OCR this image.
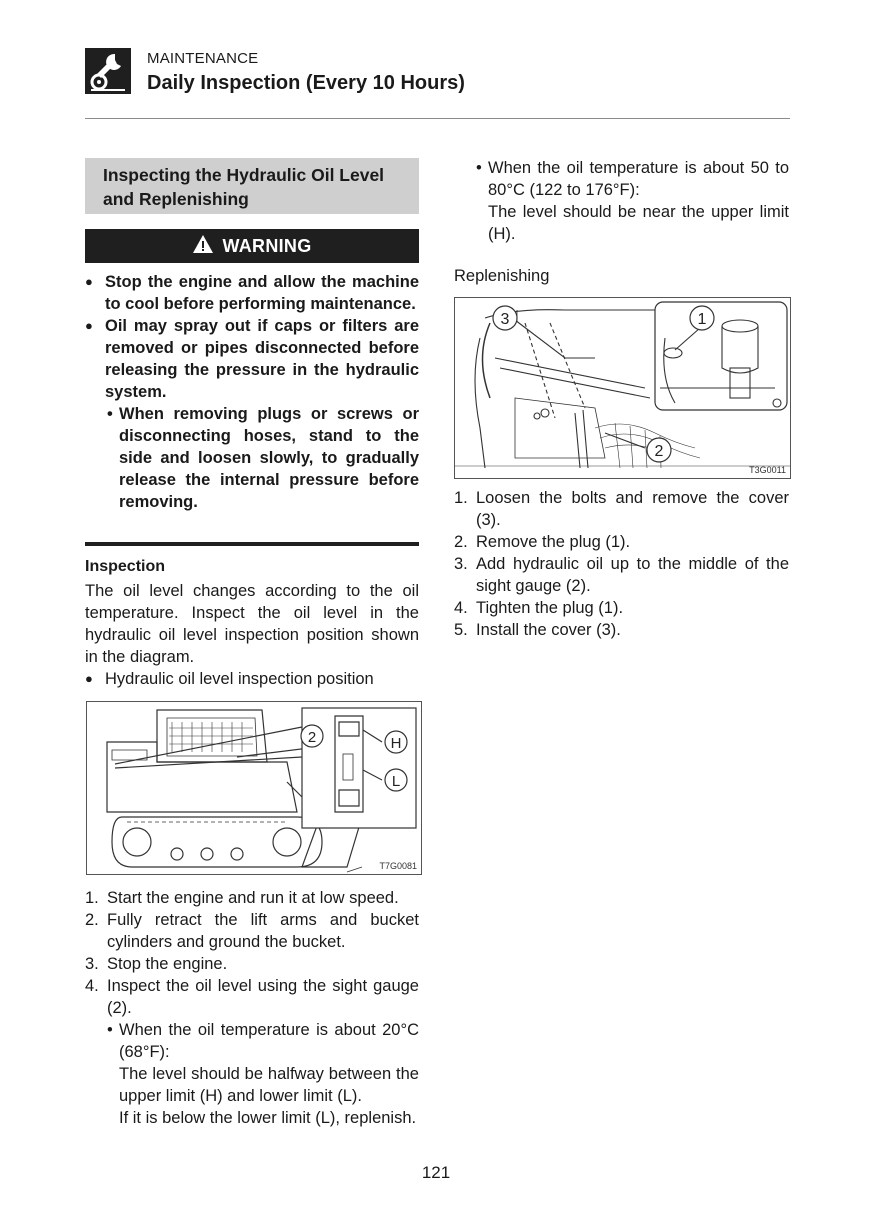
MAINTENANCE
Daily Inspection (Every 10 Hours)
Inspecting the Hydraulic Oil Level and Replenishing
WARNING
● Stop the engine and allow the machine to cool before performing maintenance.
● Oil may spray out if caps or filters are removed or pipes disconnected before releasing the pressure in the hydraulic system.
• When removing plugs or screws or disconnecting hoses, stand to the side and loosen slowly, to gradually release the internal pressure before removing.
Inspection

The oil level changes according to the oil temperature. Inspect the oil level in the hydraulic oil level inspection position shown in the diagram.

● Hydraulic oil level inspection position
2	H
L
T7G0081
1. Start the engine and run it at low speed.
2. Fully retract the lift arms and bucket cylinders and ground the bucket.
3. Stop the engine.
4. Inspect the oil level using the sight gauge (2).
• When the oil temperature is about 20°C (68°F):
The level should be halfway between the upper limit (H) and lower limit (L).
If it is below the lower limit (L), replenish.
• When the oil temperature is about 50 to 80°C (122 to 176°F):
The level should be near the upper limit (H).
Replenishing
3	1
2
T3G0011
1. Loosen the bolts and remove the cover (3).
2. Remove the plug (1).
3. Add hydraulic oil up to the middle of the sight gauge (2).
4. Tighten the plug (1).
5. Install the cover (3).
121
